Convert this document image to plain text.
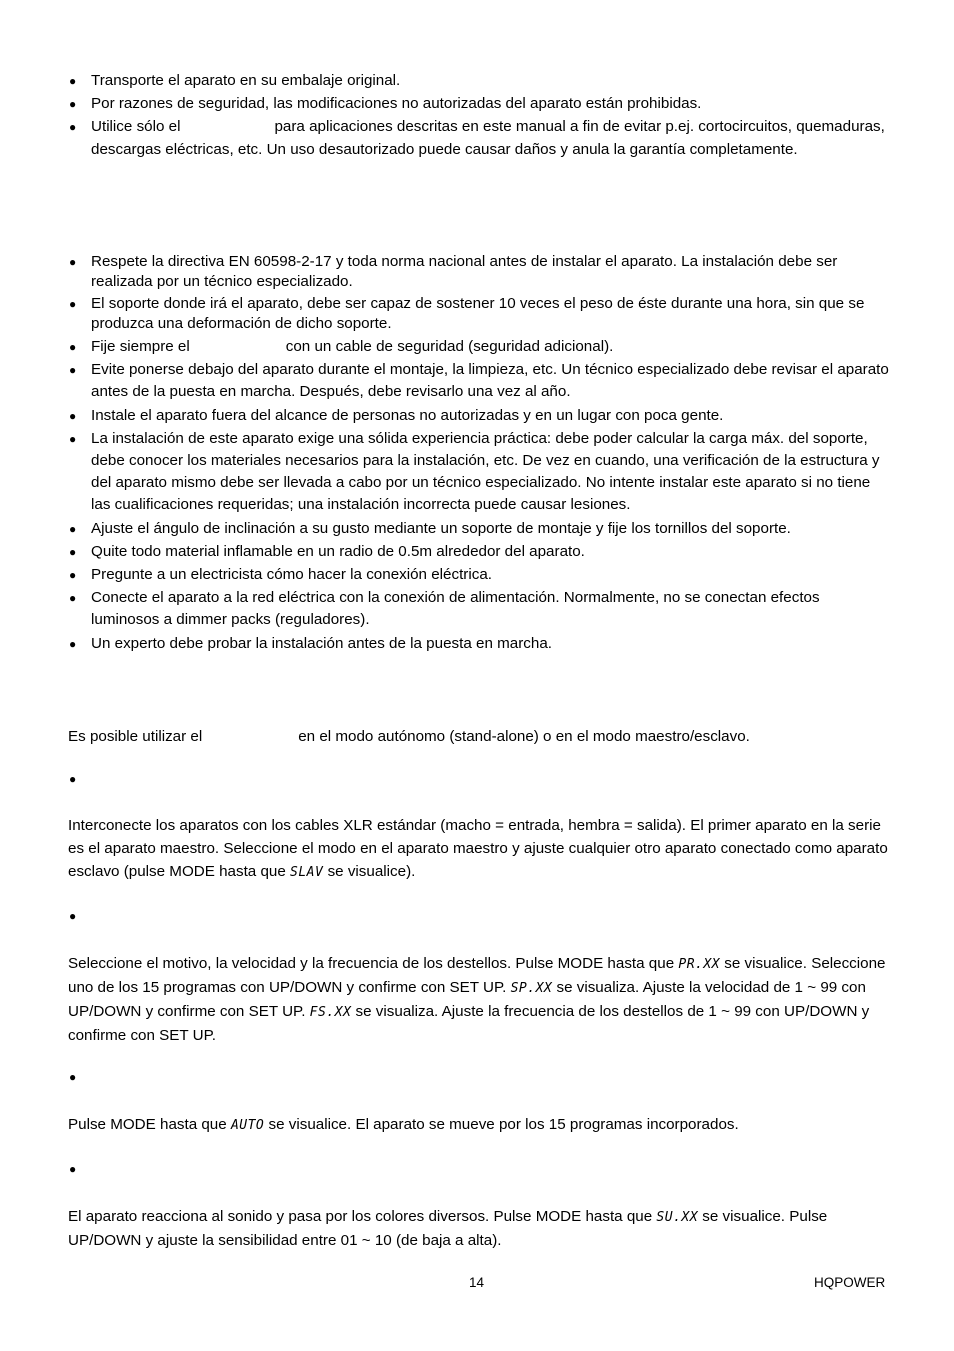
● Transporte el aparato en su embalaje original.
● Por razones de seguridad, las modificaciones no autorizadas del aparato están prohibidas.
● Utilice sólo el	para aplicaciones descritas en este manual a fin de evitar p.ej. cortocircuitos, quemaduras, descargas eléctricas, etc. Un uso desautorizado puede causar daños y anula la garantía completamente.
● Respete la directiva EN 60598-2-17 y toda norma nacional antes de instalar el aparato. La instalación debe ser realizada por un técnico especializado.
● El soporte donde irá el aparato, debe ser capaz de sostener 10 veces el peso de éste durante una hora, sin que se produzca una deformación de dicho soporte.
● Fije siempre el	con un cable de seguridad (seguridad adicional).
● Evite ponerse debajo del aparato durante el montaje, la limpieza, etc. Un técnico especializado debe revisar el aparato antes de la puesta en marcha. Después, debe revisarlo una vez al año.
● Instale el aparato fuera del alcance de personas no autorizadas y en un lugar con poca gente.
● La instalación de este aparato exige una sólida experiencia práctica: debe poder calcular la carga máx. del soporte, debe conocer los materiales necesarios para la instalación, etc. De vez en cuando, una verificación de la estructura y del aparato mismo debe ser llevada a cabo por un técnico especializado. No intente instalar este aparato si no tiene las cualificaciones requeridas; una instalación incorrecta puede causar lesiones.
● Ajuste el ángulo de inclinación a su gusto mediante un soporte de montaje y fije los tornillos del soporte.
● Quite todo material inflamable en un radio de 0.5m alrededor del aparato.
● Pregunte a un electricista cómo hacer la conexión eléctrica.
● Conecte el aparato a la red eléctrica con la conexión de alimentación. Normalmente, no se conectan efectos luminosos a dimmer packs (reguladores).
● Un experto debe probar la instalación antes de la puesta en marcha.
Es posible utilizar el	en el modo autónomo (stand-alone) o en el modo maestro/esclavo.
●
Interconecte los aparatos con los cables XLR estándar (macho = entrada, hembra = salida). El primer aparato en la serie es el aparato maestro. Seleccione el modo en el aparato maestro y ajuste cualquier otro aparato conectado como aparato esclavo (pulse MODE hasta que SLAV se visualice).
●
Seleccione el motivo, la velocidad y la frecuencia de los destellos. Pulse MODE hasta que PR.XX se visualice. Seleccione uno de los 15 programas con UP/DOWN y confirme con SET UP. SP.XX se visualiza. Ajuste la velocidad de 1 ~ 99 con UP/DOWN y confirme con SET UP. FS.XX se visualiza. Ajuste la frecuencia de los destellos de 1 ~ 99 con UP/DOWN y confirme con SET UP.
●
Pulse MODE hasta que AUTO se visualice. El aparato se mueve por los 15 programas incorporados.
●
El aparato reacciona al sonido y pasa por los colores diversos. Pulse MODE hasta que SU.XX se visualice. Pulse UP/DOWN y ajuste la sensibilidad entre 01 ~ 10 (de baja a alta).
14	HQPOWER
